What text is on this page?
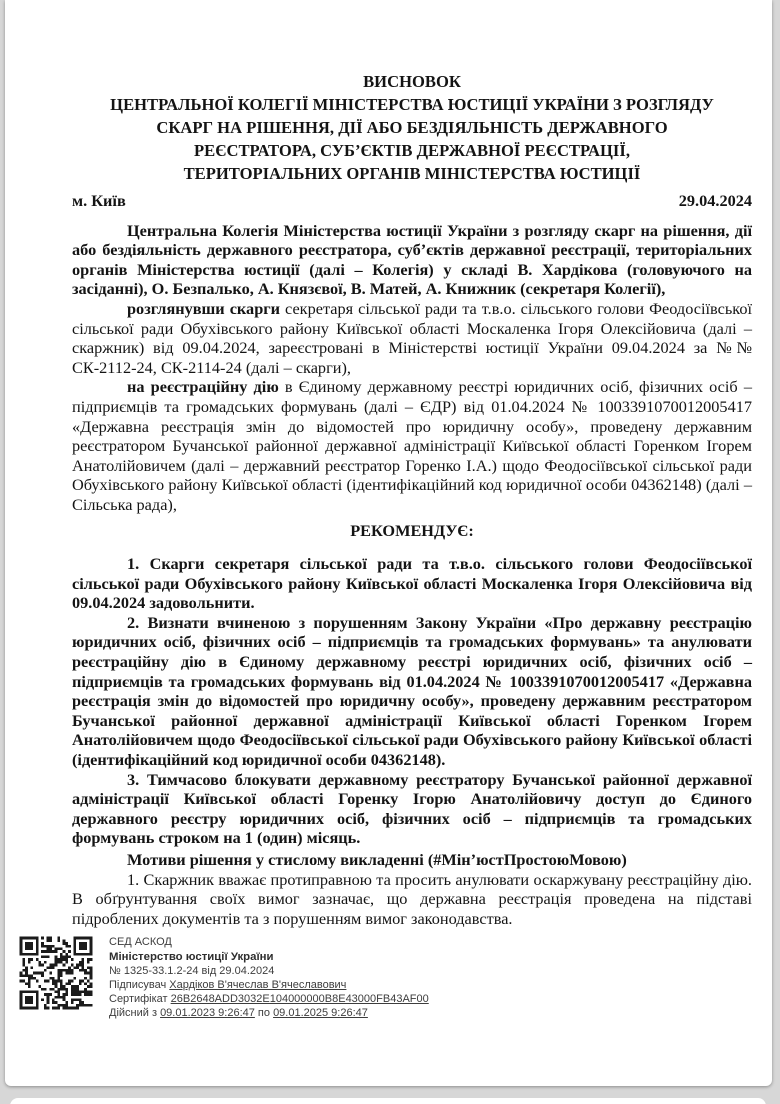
ВИСНОВОК
ЦЕНТРАЛЬНОЇ КОЛЕГІЇ МІНІСТЕРСТВА ЮСТИЦІЇ УКРАЇНИ З РОЗГЛЯДУ
СКАРГ НА РІШЕННЯ, ДІЇ АБО БЕЗДІЯЛЬНІСТЬ ДЕРЖАВНОГО
РЕЄСТРАТОРА, СУБ’ЄКТІВ ДЕРЖАВНОЇ РЕЄСТРАЦІЇ,
ТЕРИТОРІАЛЬНИХ ОРГАНІВ МІНІСТЕРСТВА ЮСТИЦІЇ
м. Київ	29.04.2024

Центральна Колегія Міністерства юстиції України з розгляду скарг на рішення, дії або бездіяльність державного реєстратора, суб’єктів державної реєстрації, територіальних органів Міністерства юстиції (далі – Колегія) у складі В. Хардікова (головуючого на засіданні), О. Безпалько, А. Князєвої, В. Матей, А. Книжник (секретаря Колегії),

розглянувши скарги секретаря сільської ради та т.в.о. сільського голови Феодосіївської сільської ради Обухівського району Київської області Москаленка Ігоря Олексійовича (далі – скаржник) від 09.04.2024, зареєстровані в Міністерстві юстиції України 09.04.2024 за №№ СК-2112-24, СК-2114-24 (далі – скарги),

на реєстраційну дію в Єдиному державному реєстрі юридичних осіб, фізичних осіб – підприємців та громадських формувань (далі – ЄДР) від 01.04.2024 № 1003391070012005417 «Державна реєстрація змін до відомостей про юридичну особу», проведену державним реєстратором Бучанської районної державної адміністрації Київської області Горенком Ігорем Анатолійовичем (далі – державний реєстратор Горенко І.А.) щодо Феодосіївської сільської ради Обухівського району Київської області (ідентифікаційний код юридичної особи 04362148) (далі – Сільська рада),

РЕКОМЕНДУЄ:

1. Скарги секретаря сільської ради та т.в.о. сільського голови Феодосіївської сільської ради Обухівського району Київської області Москаленка Ігоря Олексійовича від 09.04.2024 задовольнити.

2. Визнати вчиненою з порушенням Закону України «Про державну реєстрацію юридичних осіб, фізичних осіб – підприємців та громадських формувань» та анулювати реєстраційну дію в Єдиному державному реєстрі юридичних осіб, фізичних осіб – підприємців та громадських формувань від 01.04.2024 № 1003391070012005417 «Державна реєстрація змін до відомостей про юридичну особу», проведену державним реєстратором Бучанської районної державної адміністрації Київської області Горенком Ігорем Анатолійовичем щодо Феодосіївської сільської ради Обухівського району Київської області (ідентифікаційний код юридичної особи 04362148).

3. Тимчасово блокувати державному реєстратору Бучанської районної державної адміністрації Київської області Горенку Ігорю Анатолійовичу доступ до Єдиного державного реєстру юридичних осіб, фізичних осіб – підприємців та громадських формувань строком на 1 (один) місяць.

Мотиви рішення у стислому викладенні (#Мін’юстПростоюМовою)

1. Скаржник вважає протиправною та просить анулювати оскаржувану реєстраційну дію. В обґрунтування своїх вимог зазначає, що державна реєстрація проведена на підставі підроблених документів та з порушенням вимог законодавства.

СЕД АСКОД
Міністерство юстиції України
№ 1325-33.1.2-24 від 29.04.2024
Підписувач Хардіков В'ячеслав В'ячеславович
Сертифікат 26B2648ADD3032E104000000B8E43000FB43AF00
Дійсний з 09.01.2023 9:26:47 по 09.01.2025 9:26:47
